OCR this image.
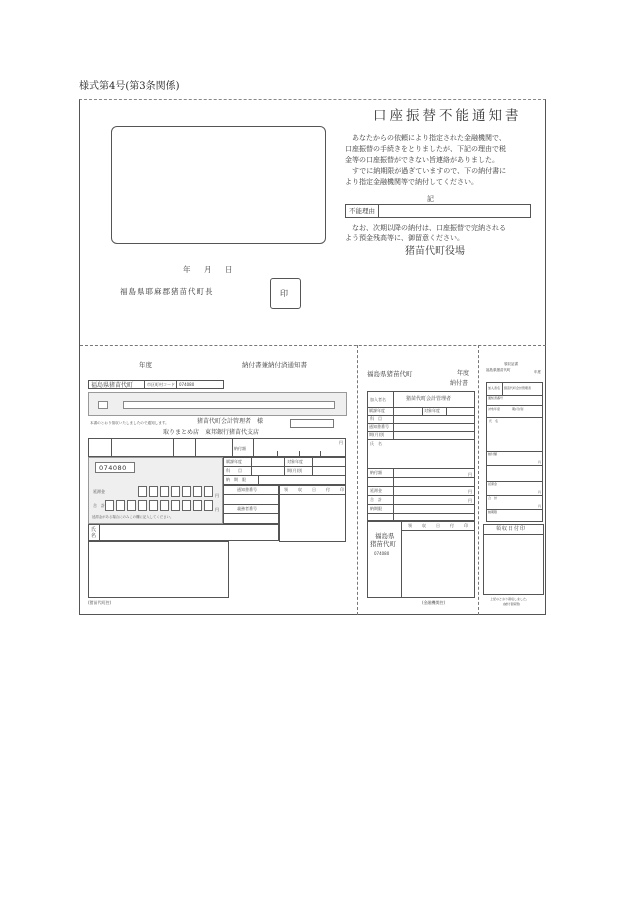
様式第4号(第3条関係)
口座振替不能通知書
あなたからの依頼により指定された金融機関で、
口座振替の手続きをとりましたが、下記の理由で税
金等の口座振替ができない旨連絡がありました。
すでに納期限が過ぎていますので、下の納付書に
より指定金融機関等で納付してください。
記
不能理由
なお、次期以降の納付は、口座振替で完納される
よう預金残高等に、御留意ください。
猪苗代町役場
年　月　日
福島県耶麻郡猪苗代町長	印
年度	納付書兼納付済通知書
福島県猪苗代町	市区町村コード 074080
本書のとおり領収いたしましたので通知します。	猪苗代町会計管理者　様
取りまとめ店　東邦銀行猪苗代支店
納付額
円
074080
延滞金
円
合　計
円
延滞金がある場合にのみこの欄に記入してください。
賦課年度	対象年度
科　　目	期(月)別
納　期　限
通知書番号
義務者番号
領　収　日　付　印
氏名
(猪苗代町控)
福島県猪苗代町	年度
納付書
加入者名	猪苗代町会計管理者
賦課年度	対象年度
科　目
通知書番号
期(月)別
氏　名
納付額	円
延滞金	円
合　計	円
納期限
領　収　日　付　印
福島県
猪苗代町
074080
(金融機関控)
領収証書
福島県猪苗代町	年度
加入者名 猪苗代町会計管理者
通知書番号
対象年度	期(月)別
氏　名
納付額
円
延滞金
円
合　計
円
納期限
領収日付印
上記のとおり領収しました。
(納付者保管)
